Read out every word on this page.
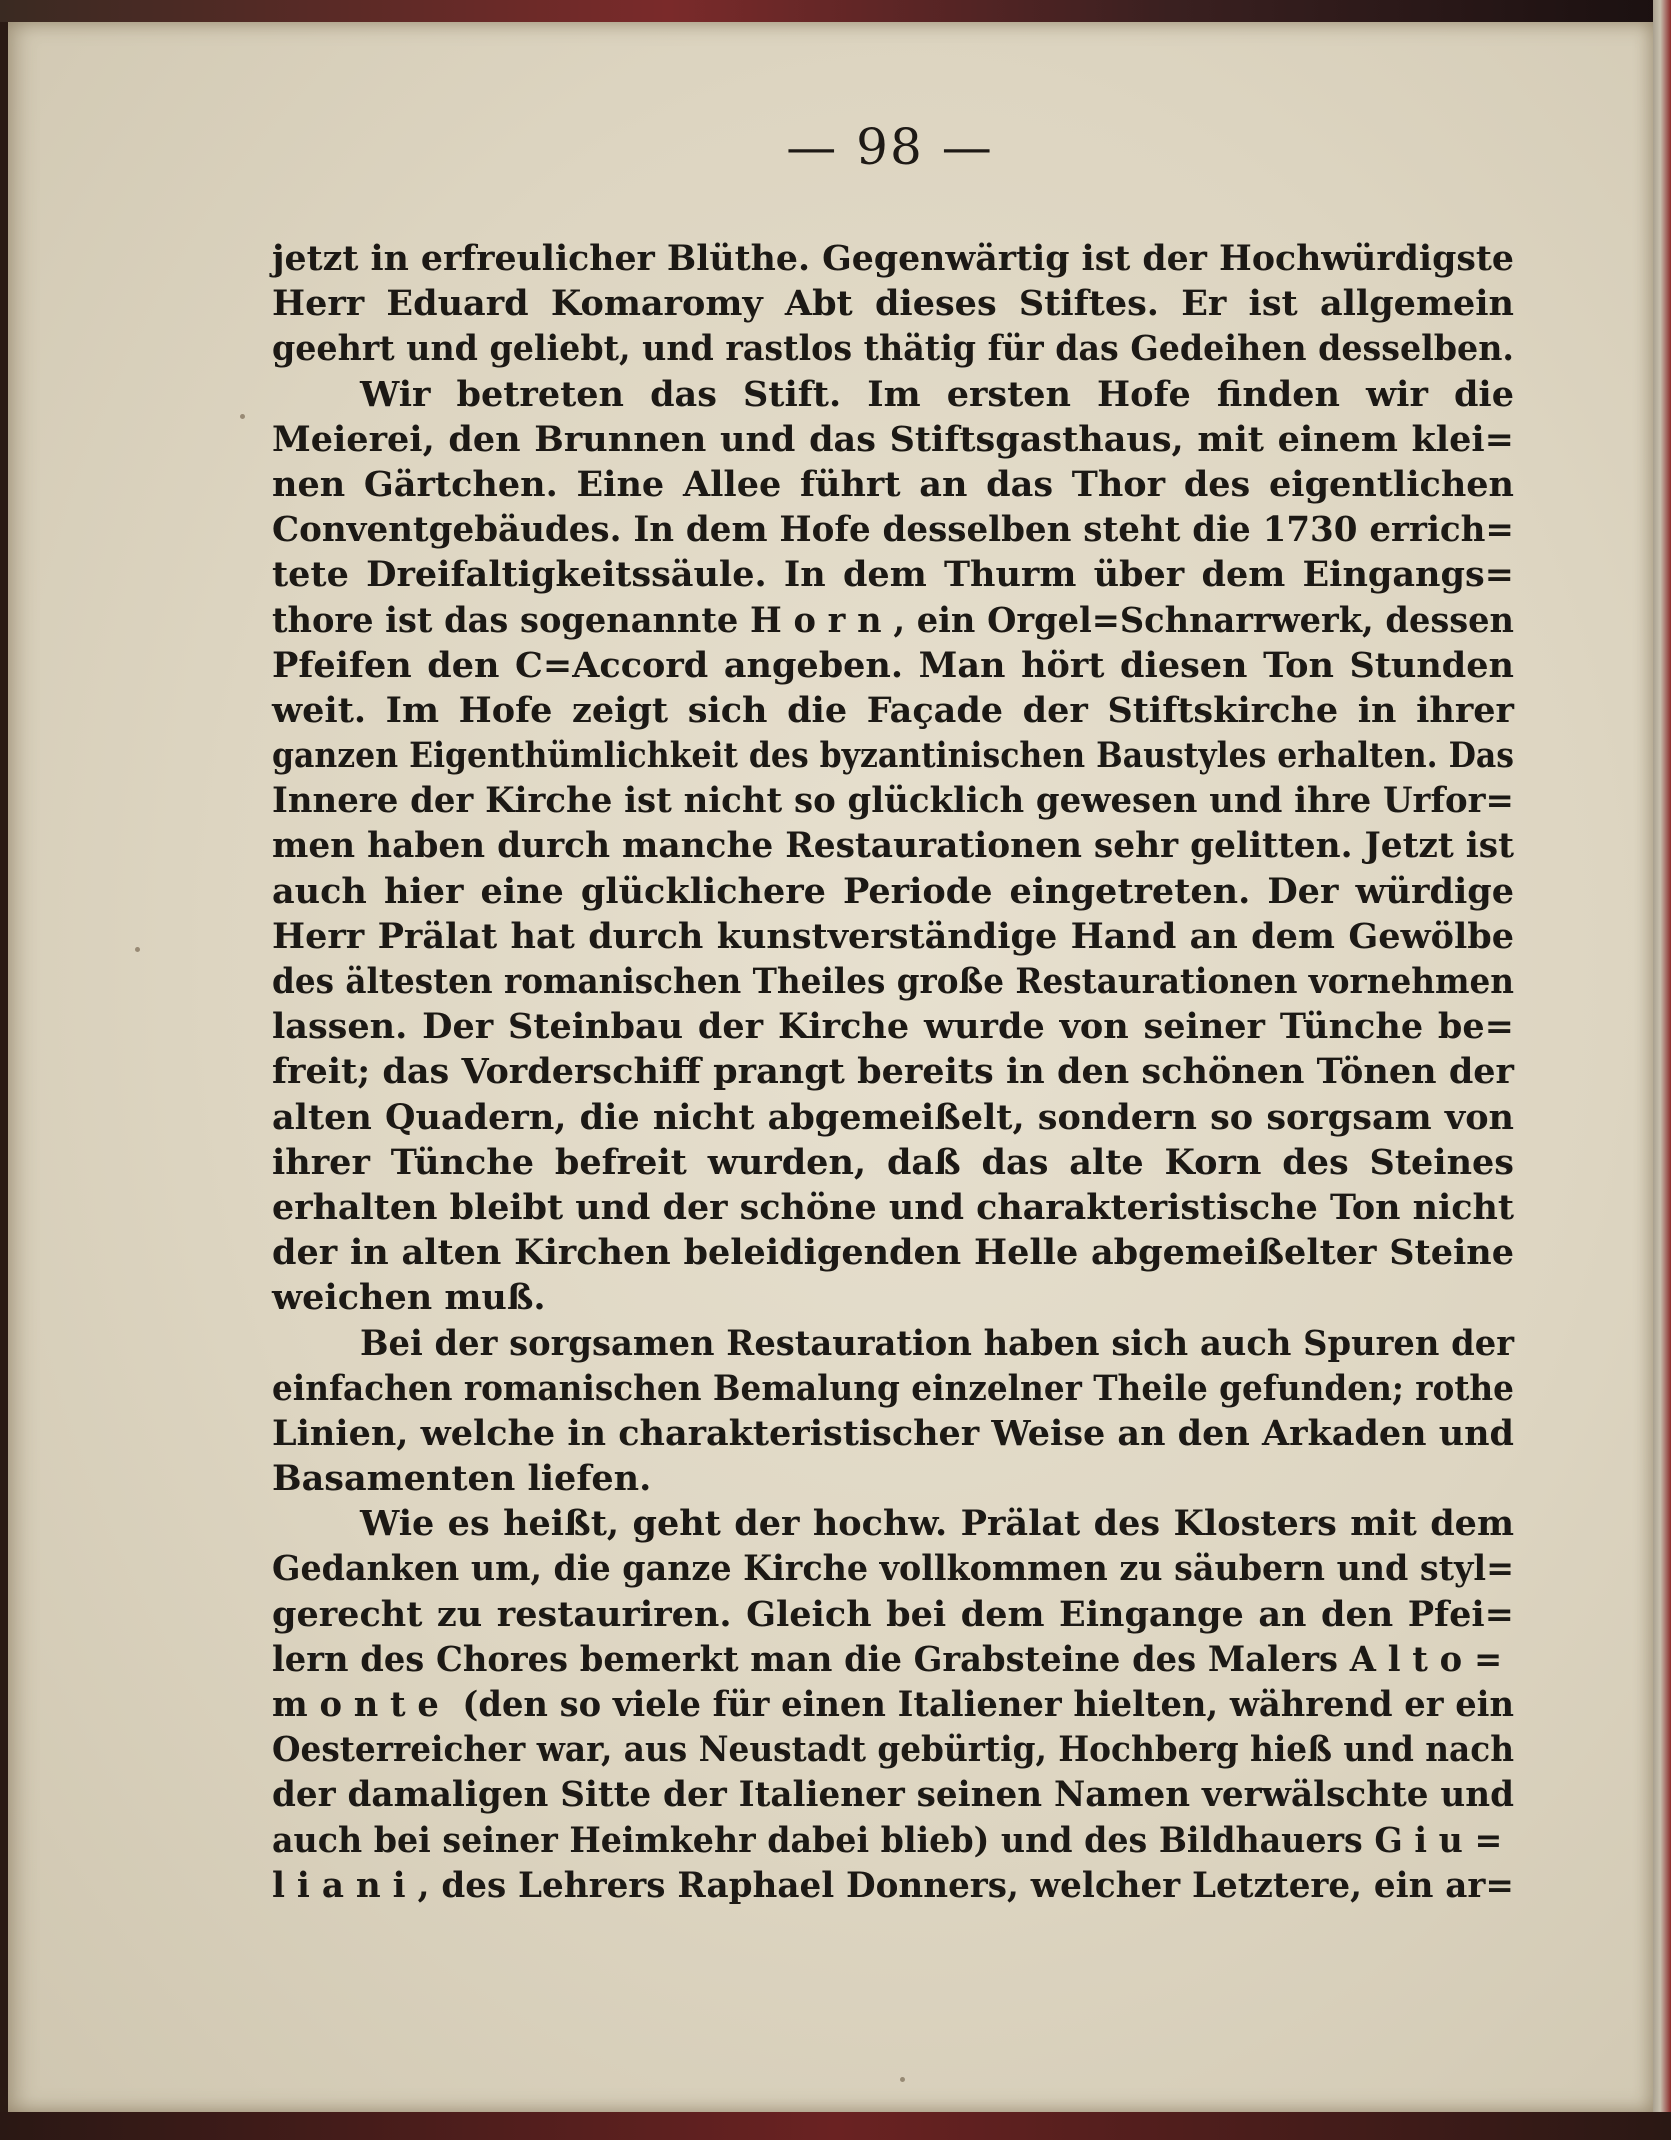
— 98 —
jetzt in erfreulicher Blüthe. Gegenwärtig ist der Hochwürdigste
Herr Eduard Komaromy Abt dieses Stiftes. Er ist allgemein
geehrt und geliebt, und rastlos thätig für das Gedeihen desselben.
Wir betreten das Stift. Im ersten Hofe finden wir die
Meierei, den Brunnen und das Stiftsgasthaus, mit einem klei=
nen Gärtchen. Eine Allee führt an das Thor des eigentlichen
Conventgebäudes. In dem Hofe desselben steht die 1730 errich=
tete Dreifaltigkeitssäule. In dem Thurm über dem Eingangs=
thore ist das sogenannte Horn, ein Orgel=Schnarrwerk, dessen
Pfeifen den C=Accord angeben. Man hört diesen Ton Stunden
weit. Im Hofe zeigt sich die Façade der Stiftskirche in ihrer
ganzen Eigenthümlichkeit des byzantinischen Baustyles erhalten. Das
Innere der Kirche ist nicht so glücklich gewesen und ihre Urfor=
men haben durch manche Restaurationen sehr gelitten. Jetzt ist
auch hier eine glücklichere Periode eingetreten. Der würdige
Herr Prälat hat durch kunstverständige Hand an dem Gewölbe
des ältesten romanischen Theiles große Restaurationen vornehmen
lassen. Der Steinbau der Kirche wurde von seiner Tünche be=
freit; das Vorderschiff prangt bereits in den schönen Tönen der
alten Quadern, die nicht abgemeißelt, sondern so sorgsam von
ihrer Tünche befreit wurden, daß das alte Korn des Steines
erhalten bleibt und der schöne und charakteristische Ton nicht
der in alten Kirchen beleidigenden Helle abgemeißelter Steine
weichen muß.
Bei der sorgsamen Restauration haben sich auch Spuren der
einfachen romanischen Bemalung einzelner Theile gefunden; rothe
Linien, welche in charakteristischer Weise an den Arkaden und
Basamenten liefen.
Wie es heißt, geht der hochw. Prälat des Klosters mit dem
Gedanken um, die ganze Kirche vollkommen zu säubern und styl=
gerecht zu restauriren. Gleich bei dem Eingange an den Pfei=
lern des Chores bemerkt man die Grabsteine des Malers Alto=
monte (den so viele für einen Italiener hielten, während er ein
Oesterreicher war, aus Neustadt gebürtig, Hochberg hieß und nach
der damaligen Sitte der Italiener seinen Namen verwälschte und
auch bei seiner Heimkehr dabei blieb) und des Bildhauers Giu=
liani, des Lehrers Raphael Donners, welcher Letztere, ein ar=
